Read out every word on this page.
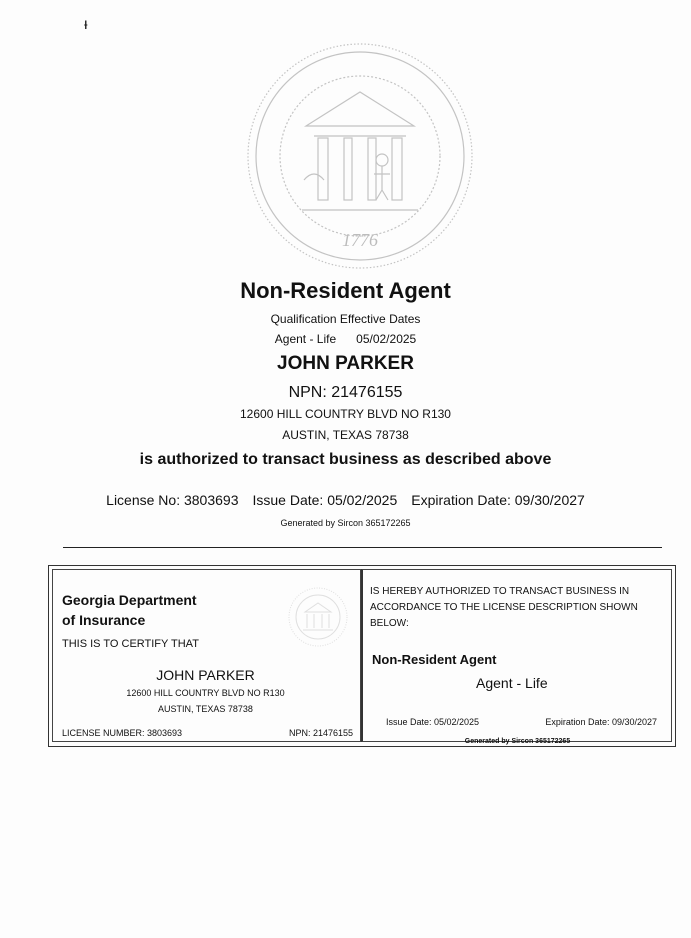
ᵻ
1776
Non-Resident Agent
Qualification Effective Dates
Agent - Life 05/02/2025
JOHN PARKER
NPN: 21476155
12600 HILL COUNTRY BLVD NO R130
AUSTIN, TEXAS 78738
is authorized to transact business as described above
License No: 3803693 Issue Date: 05/02/2025 Expiration Date: 09/30/2027
Generated by Sircon 365172265
Georgia Department
of Insurance
THIS IS TO CERTIFY THAT
JOHN PARKER
12600 HILL COUNTRY BLVD NO R130
AUSTIN, TEXAS 78738
LICENSE NUMBER: 3803693	NPN: 21476155
IS HEREBY AUTHORIZED TO TRANSACT BUSINESS IN ACCORDANCE TO THE LICENSE DESCRIPTION SHOWN BELOW:
Non-Resident Agent
Agent - Life
Issue Date: 05/02/2025	Expiration Date: 09/30/2027
Generated by Sircon 365172265
